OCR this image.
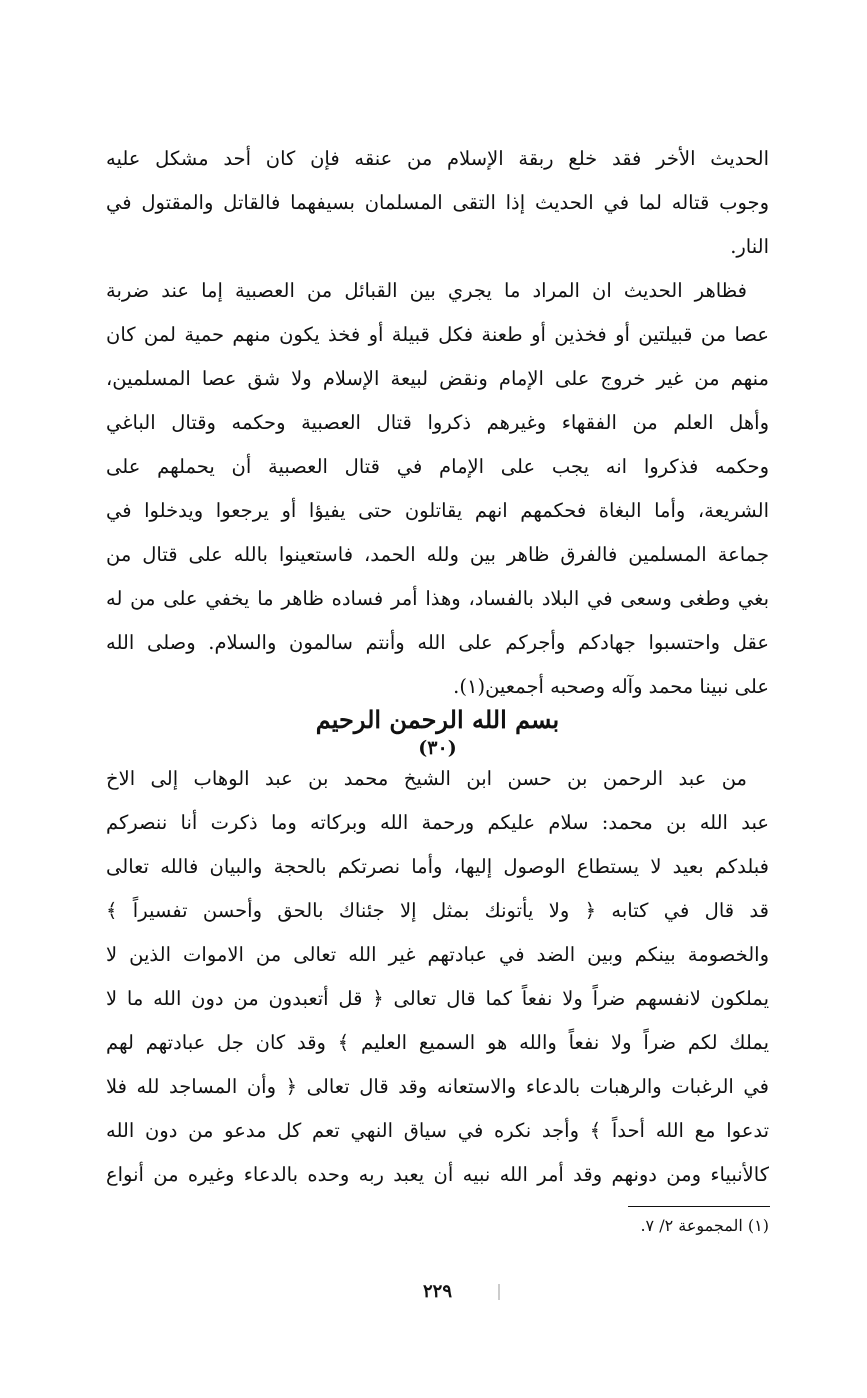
الحديث الأخر فقد خلع ربقة الإسلام من عنقه فإن كان أحد مشكل عليه
وجوب قتاله لما في الحديث إذا التقى المسلمان بسيفهما فالقاتل والمقتول في
النار.
فظاهر الحديث ان المراد ما يجري بين القبائل من العصبية إما عند ضربة
عصا من قبيلتين أو فخذين أو طعنة فكل قبيلة أو فخذ يكون منهم حمية لمن كان
منهم من غير خروج على الإمام ونقض لبيعة الإسلام ولا شق عصا المسلمين،
وأهل العلم من الفقهاء وغيرهم ذكروا قتال العصبية وحكمه وقتال الباغي
وحكمه فذكروا انه يجب على الإمام في قتال العصبية أن يحملهم على
الشريعة، وأما البغاة فحكمهم انهم يقاتلون حتى يفيؤا أو يرجعوا ويدخلوا في
جماعة المسلمين فالفرق ظاهر بين ولله الحمد، فاستعينوا بالله على قتال من
بغي وطغى وسعى في البلاد بالفساد، وهذا أمر فساده ظاهر ما يخفي على من له
عقل واحتسبوا جهادكم وأجركم على الله وأنتم سالمون والسلام. وصلى الله
على نبينا محمد وآله وصحبه أجمعين(١).
بسم الله الرحمن الرحيم
(٣٠)
من عبد الرحمن بن حسن ابن الشيخ محمد بن عبد الوهاب إلى الاخ
عبد الله بن محمد: سلام عليكم ورحمة الله وبركاته وما ذكرت أنا ننصركم
فبلدكم بعيد لا يستطاع الوصول إليها، وأما نصرتكم بالحجة والبيان فالله تعالى
قد قال في كتابه ﴿ ولا يأتونك بمثل إلا جئناك بالحق وأحسن تفسيراً ﴾
والخصومة بينكم وبين الضد في عبادتهم غير الله تعالى من الاموات الذين لا
يملكون لانفسهم ضراً ولا نفعاً كما قال تعالى ﴿ قل أتعبدون من دون الله ما لا
يملك لكم ضراً ولا نفعاً والله هو السميع العليم ﴾ وقد كان جل عبادتهم لهم
في الرغبات والرهبات بالدعاء والاستعانه وقد قال تعالى ﴿ وأن المساجد لله فلا
تدعوا مع الله أحداً ﴾ وأجد نكره في سياق النهي تعم كل مدعو من دون الله
كالأنبياء ومن دونهم وقد أمر الله نبيه أن يعبد ربه وحده بالدعاء وغيره من أنواع
(١) المجموعة ٢/ ٧.
٢٢٩
